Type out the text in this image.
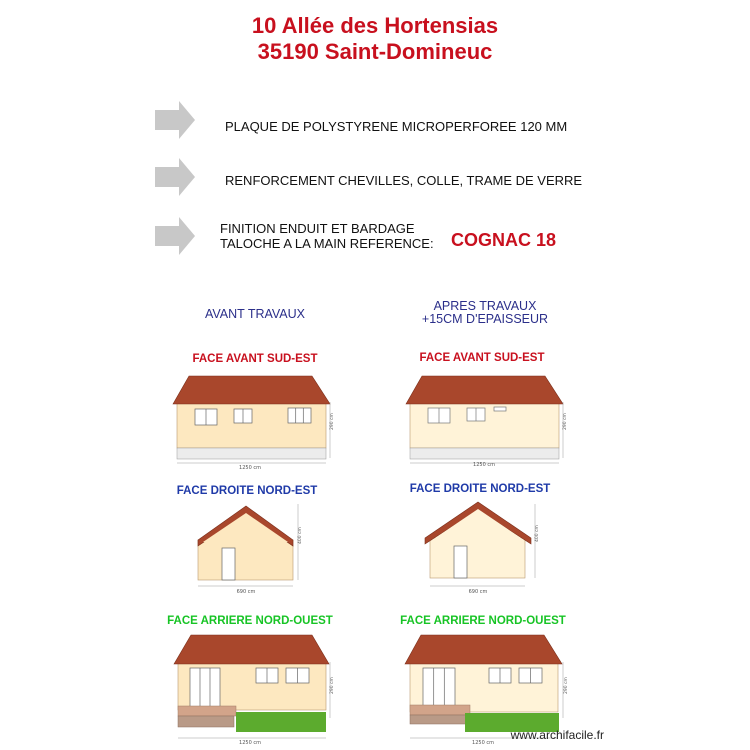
10 Allée des Hortensias
35190 Saint-Domineuc
PLAQUE DE POLYSTYRENE MICROPERFOREE 120 MM
RENFORCEMENT CHEVILLES, COLLE, TRAME DE VERRE
FINITION ENDUIT ET BARDAGE
TALOCHE A LA MAIN REFERENCE: COGNAC 18
AVANT TRAVAUX
APRES TRAVAUX
+15CM D'EPAISSEUR
FACE AVANT SUD-EST	FACE AVANT SUD-EST
FACE DROITE NORD-EST	FACE DROITE NORD-EST
FACE ARRIERE NORD-OUEST	FACE ARRIERE NORD-OUEST
1250 cm
290 cm
1250 cm
290 cm
690 cm
400 cm
690 cm
400 cm
1250 cm
290 cm
1250 cm
290 cm
www.archifacile.fr
